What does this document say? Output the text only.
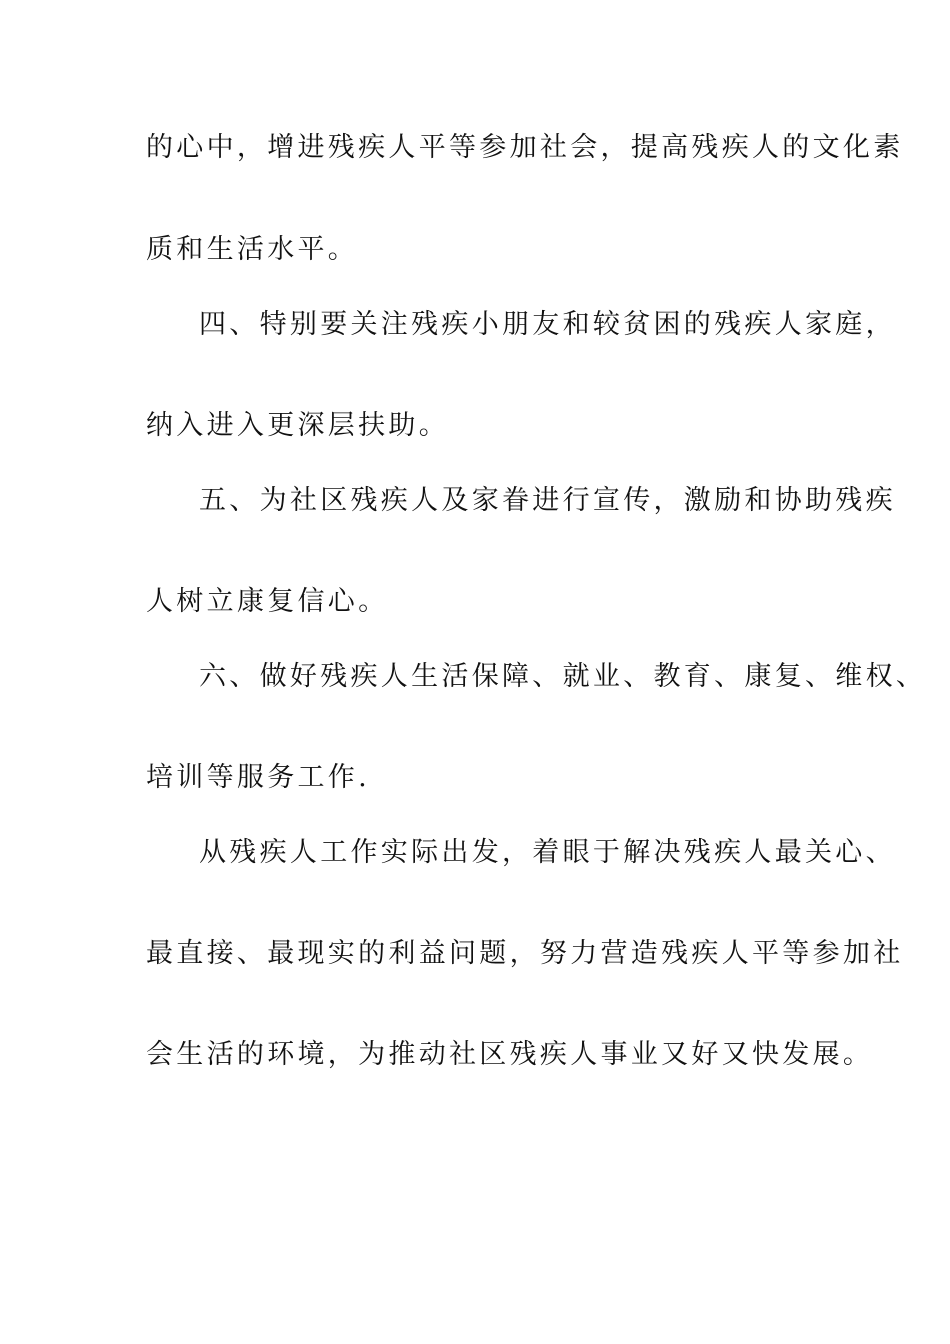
的心中，增进残疾人平等参加社会，提高残疾人的文化素
质和生活水平。
四、特别要关注残疾小朋友和较贫困的残疾人家庭，
纳入进入更深层扶助。
五、为社区残疾人及家眷进行宣传，激励和协助残疾
人树立康复信心。
六、做好残疾人生活保障、就业、教育、康复、维权、
培训等服务工作.
从残疾人工作实际出发，着眼于解决残疾人最关心、
最直接、最现实的利益问题，努力营造残疾人平等参加社
会生活的环境，为推动社区残疾人事业又好又快发展。
